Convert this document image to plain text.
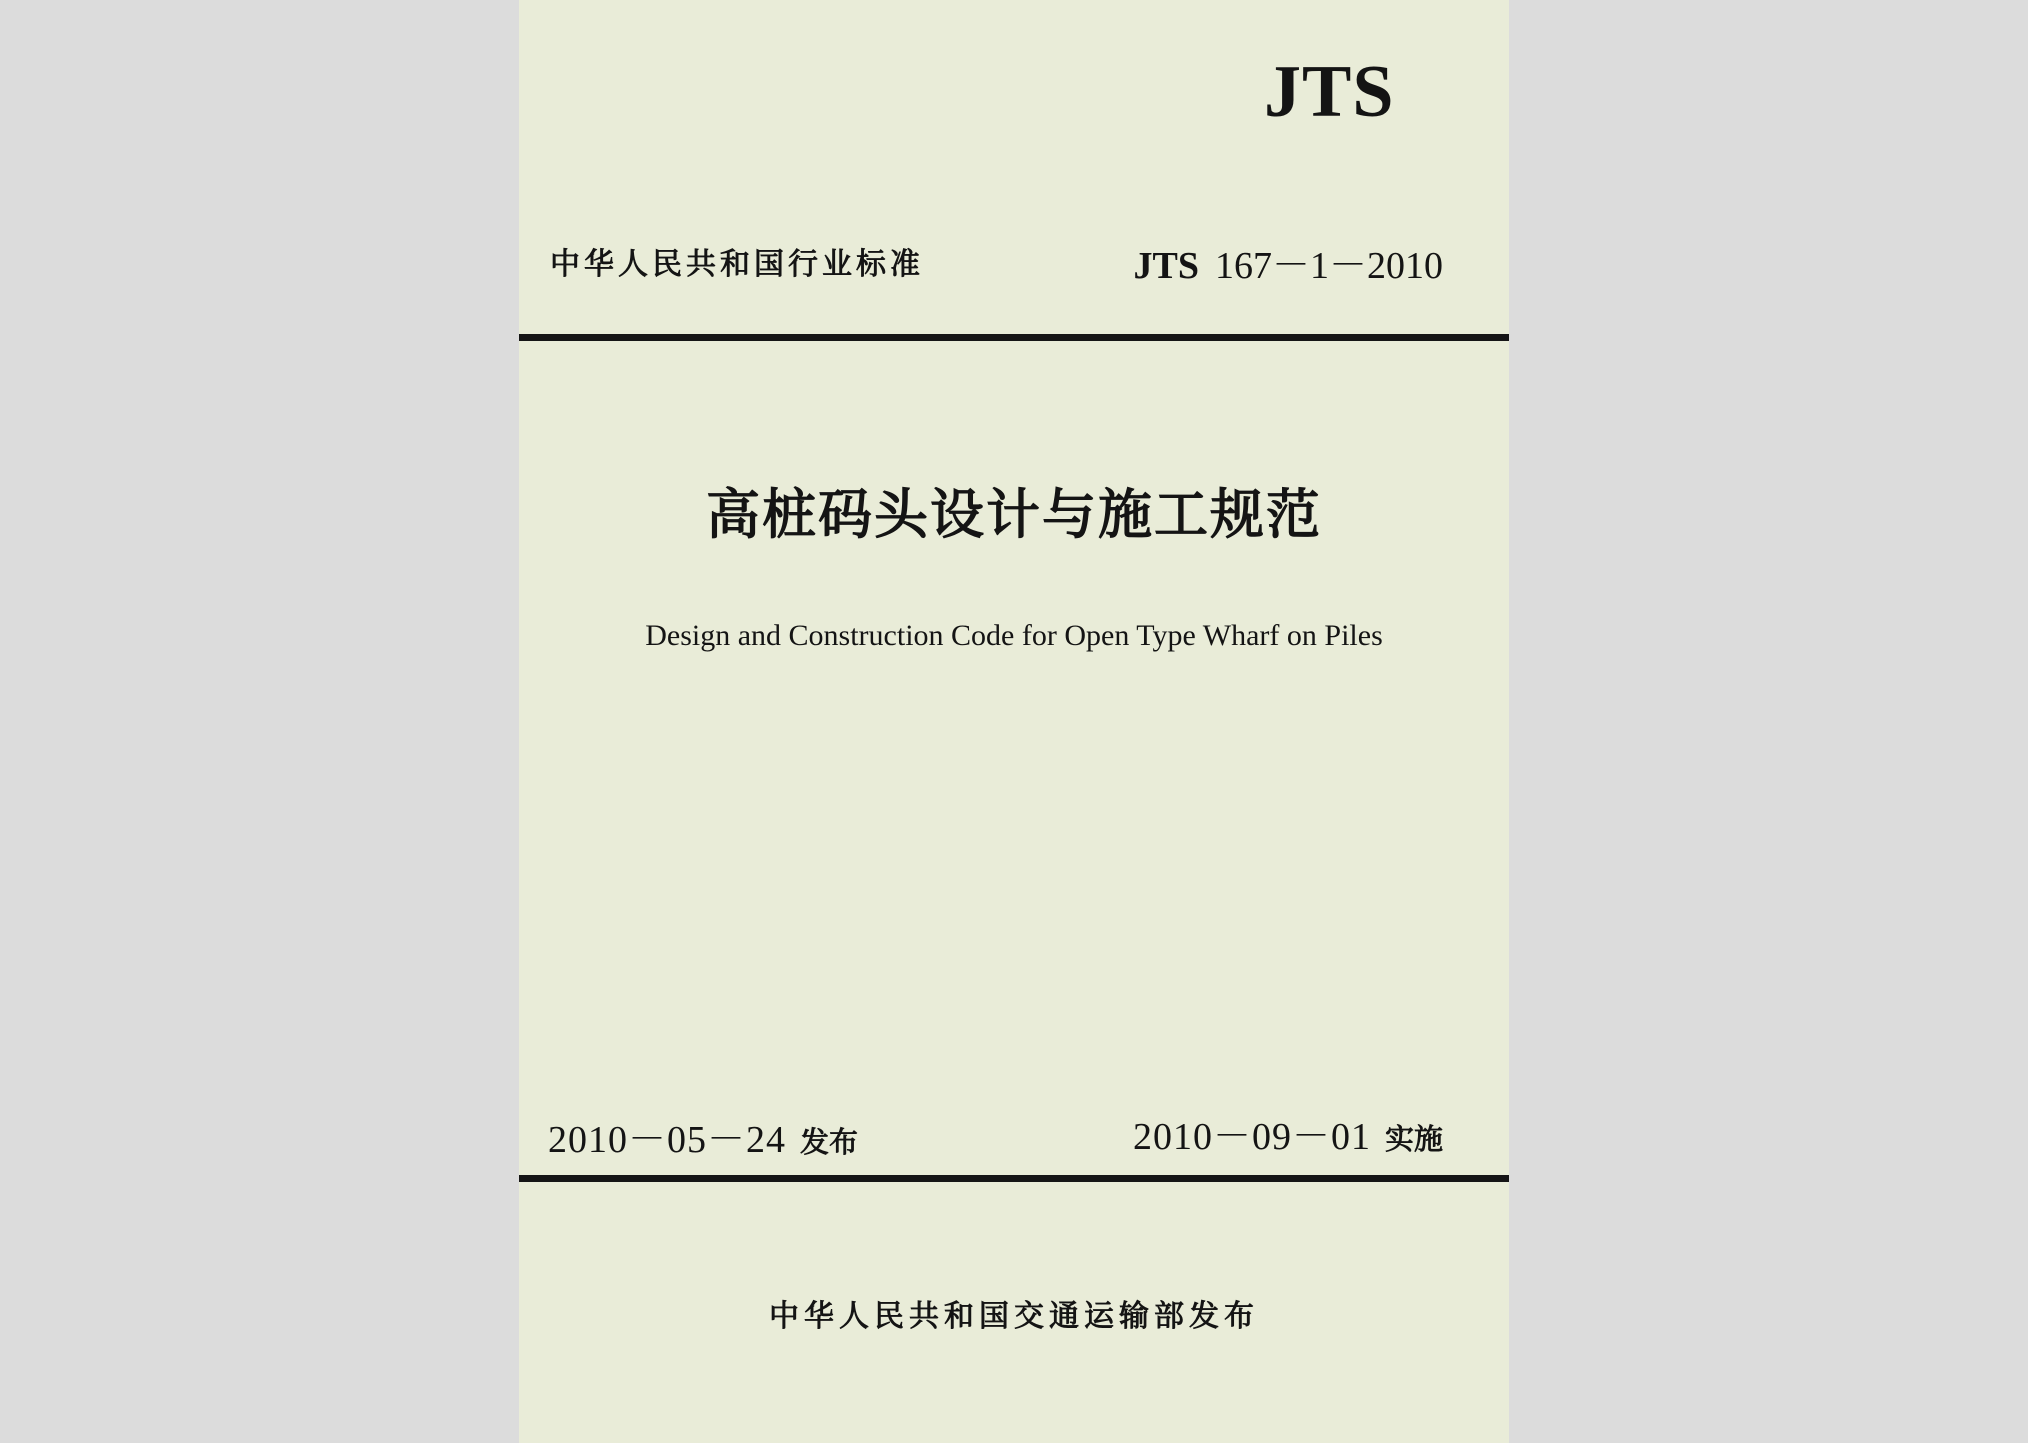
JTS
中华人民共和国行业标准	JTS 167－1－2010
高桩码头设计与施工规范
Design and Construction Code for Open Type Wharf on Piles
2010－05－24 发布	2010－09－01 实施
中华人民共和国交通运输部发布
